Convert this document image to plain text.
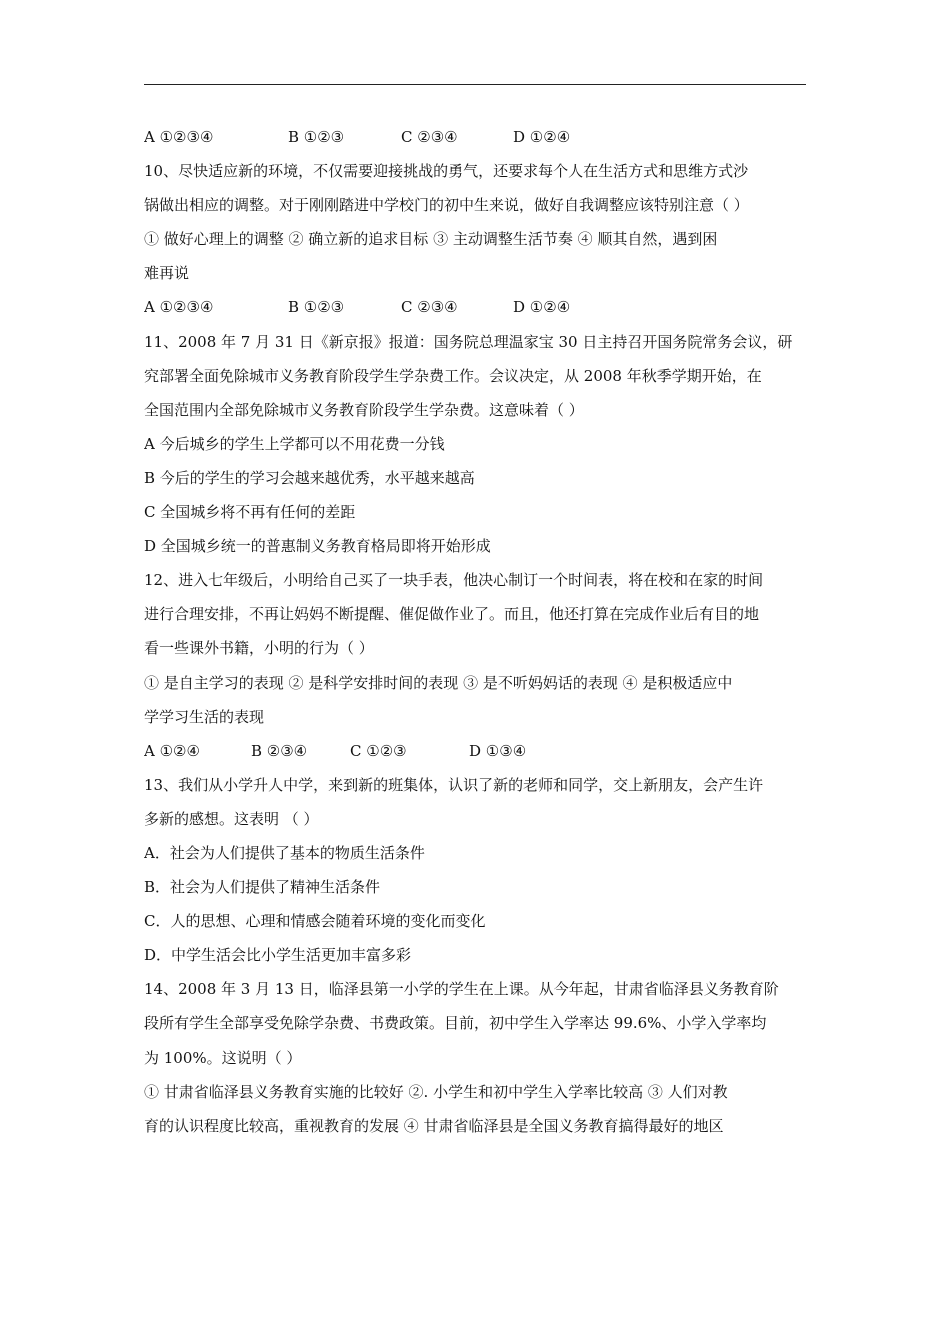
A ①②③④	B ①②③	C ②③④	D ①②④
10、尽快适应新的环境，不仅需要迎接挑战的勇气，还要求每个人在生活方式和思维方式沙
锅做出相应的调整。对于刚刚踏进中学校门的初中生来说，做好自我调整应该特别注意（ ）
① 做好心理上的调整 ② 确立新的追求目标 ③ 主动调整生活节奏 ④ 顺其自然，遇到困
难再说
A ①②③④	B ①②③	C ②③④	D ①②④
11、2008 年 7 月 31 日《新京报》报道：国务院总理温家宝 30 日主持召开国务院常务会议，研
究部署全面免除城市义务教育阶段学生学杂费工作。会议决定，从 2008 年秋季学期开始，在
全国范围内全部免除城市义务教育阶段学生学杂费。这意味着（ ）
A 今后城乡的学生上学都可以不用花费一分钱
B 今后的学生的学习会越来越优秀，水平越来越高
C 全国城乡将不再有任何的差距
D 全国城乡统一的普惠制义务教育格局即将开始形成
12、进入七年级后，小明给自己买了一块手表，他决心制订一个时间表，将在校和在家的时间
进行合理安排，不再让妈妈不断提醒、催促做作业了。而且，他还打算在完成作业后有目的地
看一些课外书籍，小明的行为（ ）
① 是自主学习的表现 ② 是科学安排时间的表现 ③ 是不听妈妈话的表现 ④ 是积极适应中
学学习生活的表现
A ①②④	B ②③④	C ①②③	D ①③④
13、我们从小学升人中学，来到新的班集体，认识了新的老师和同学，交上新朋友，会产生许
多新的感想。这表明 （ ）
A．社会为人们提供了基本的物质生活条件
B．社会为人们提供了精神生活条件
C．人的思想、心理和情感会随着环境的变化而变化
D．中学生活会比小学生活更加丰富多彩
14、2008 年 3 月 13 日，临泽县第一小学的学生在上课。从今年起，甘肃省临泽县义务教育阶
段所有学生全部享受免除学杂费、书费政策。目前，初中学生入学率达 99.6%、小学入学率均
为 100%。这说明（ ）
① 甘肃省临泽县义务教育实施的比较好 ②. 小学生和初中学生入学率比较高 ③ 人们对教
育的认识程度比较高，重视教育的发展 ④ 甘肃省临泽县是全国义务教育搞得最好的地区
